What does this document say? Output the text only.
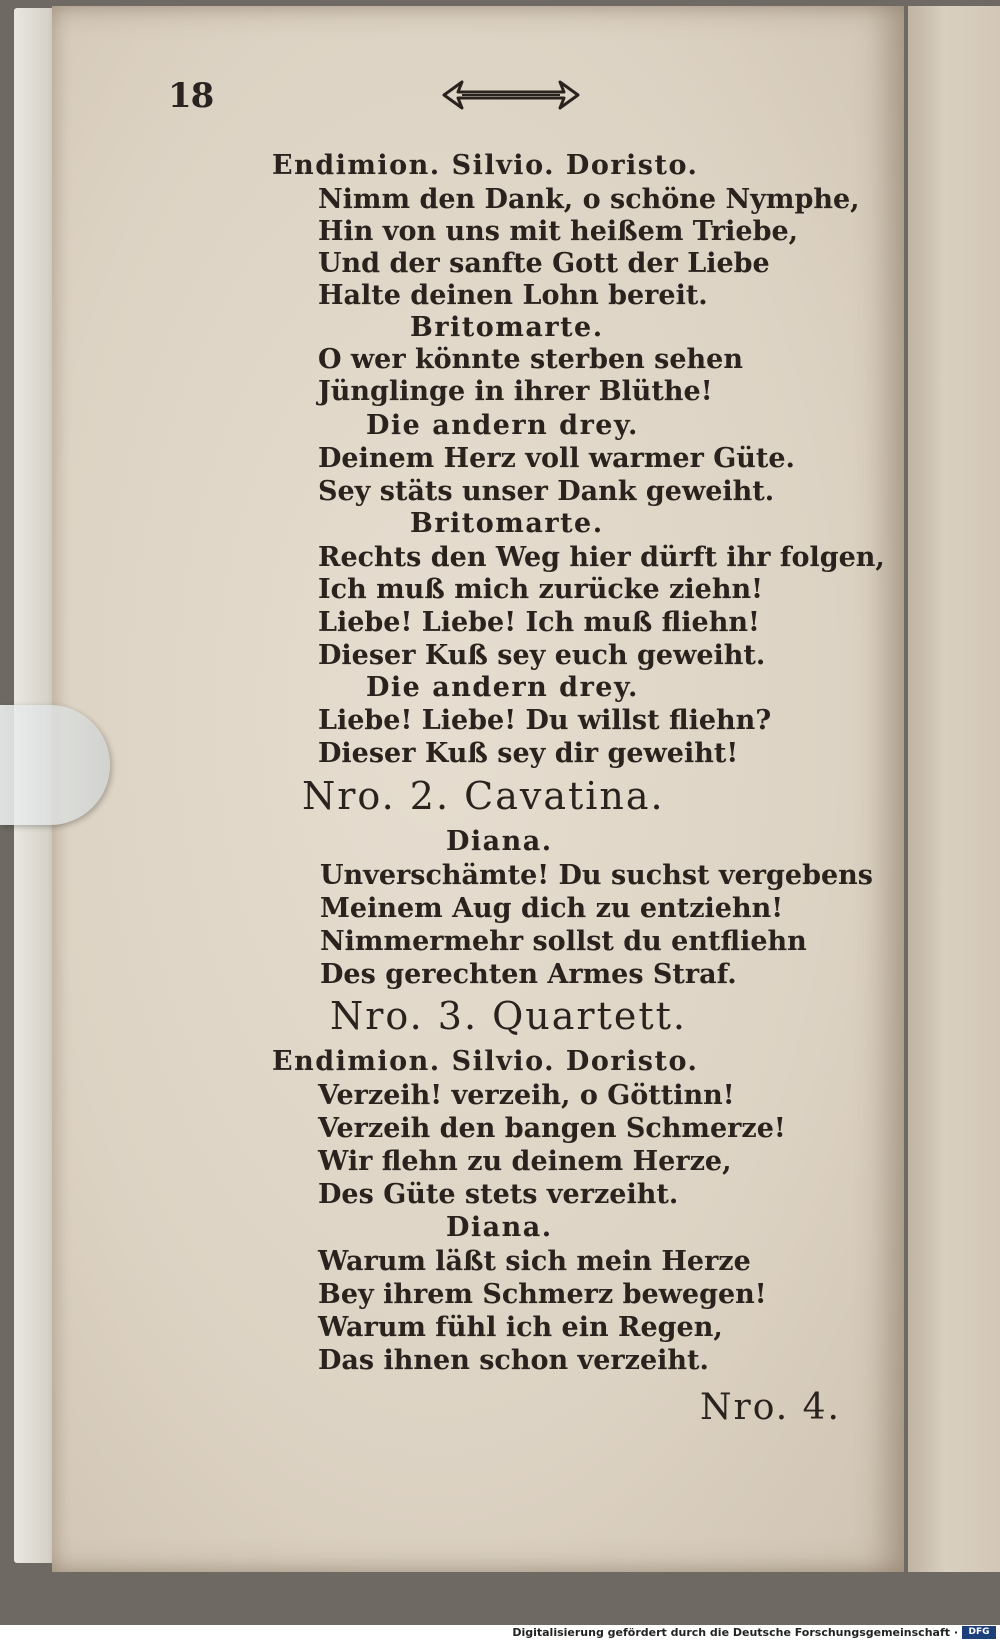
18
Endimion. Silvio. Doristo.
Nimm den Dank, o schöne Nymphe,
Hin von uns mit heißem Triebe,
Und der sanfte Gott der Liebe
Halte deinen Lohn bereit.
Britomarte.
O wer könnte sterben sehen
Jünglinge in ihrer Blüthe!
Die andern drey.
Deinem Herz voll warmer Güte.
Sey stäts unser Dank geweiht.
Britomarte.
Rechts den Weg hier dürft ihr folgen,
Ich muß mich zurücke ziehn!
Liebe! Liebe! Ich muß fliehn!
Dieser Kuß sey euch geweiht.
Die andern drey.
Liebe! Liebe! Du willst fliehn?
Dieser Kuß sey dir geweiht!
Nro. 2. Cavatina.
Diana.
Unverschämte! Du suchst vergebens
Meinem Aug dich zu entziehn!
Nimmermehr sollst du entfliehn
Des gerechten Armes Straf.
Nro. 3. Quartett.
Endimion. Silvio. Doristo.
Verzeih! verzeih, o Göttinn!
Verzeih den bangen Schmerze!
Wir flehn zu deinem Herze,
Des Güte stets verzeiht.
Diana.
Warum läßt sich mein Herze
Bey ihrem Schmerz bewegen!
Warum fühl ich ein Regen,
Das ihnen schon verzeiht.
Nro. 4.
Digitalisierung gefördert durch die Deutsche Forschungsgemeinschaft ·	DFG
